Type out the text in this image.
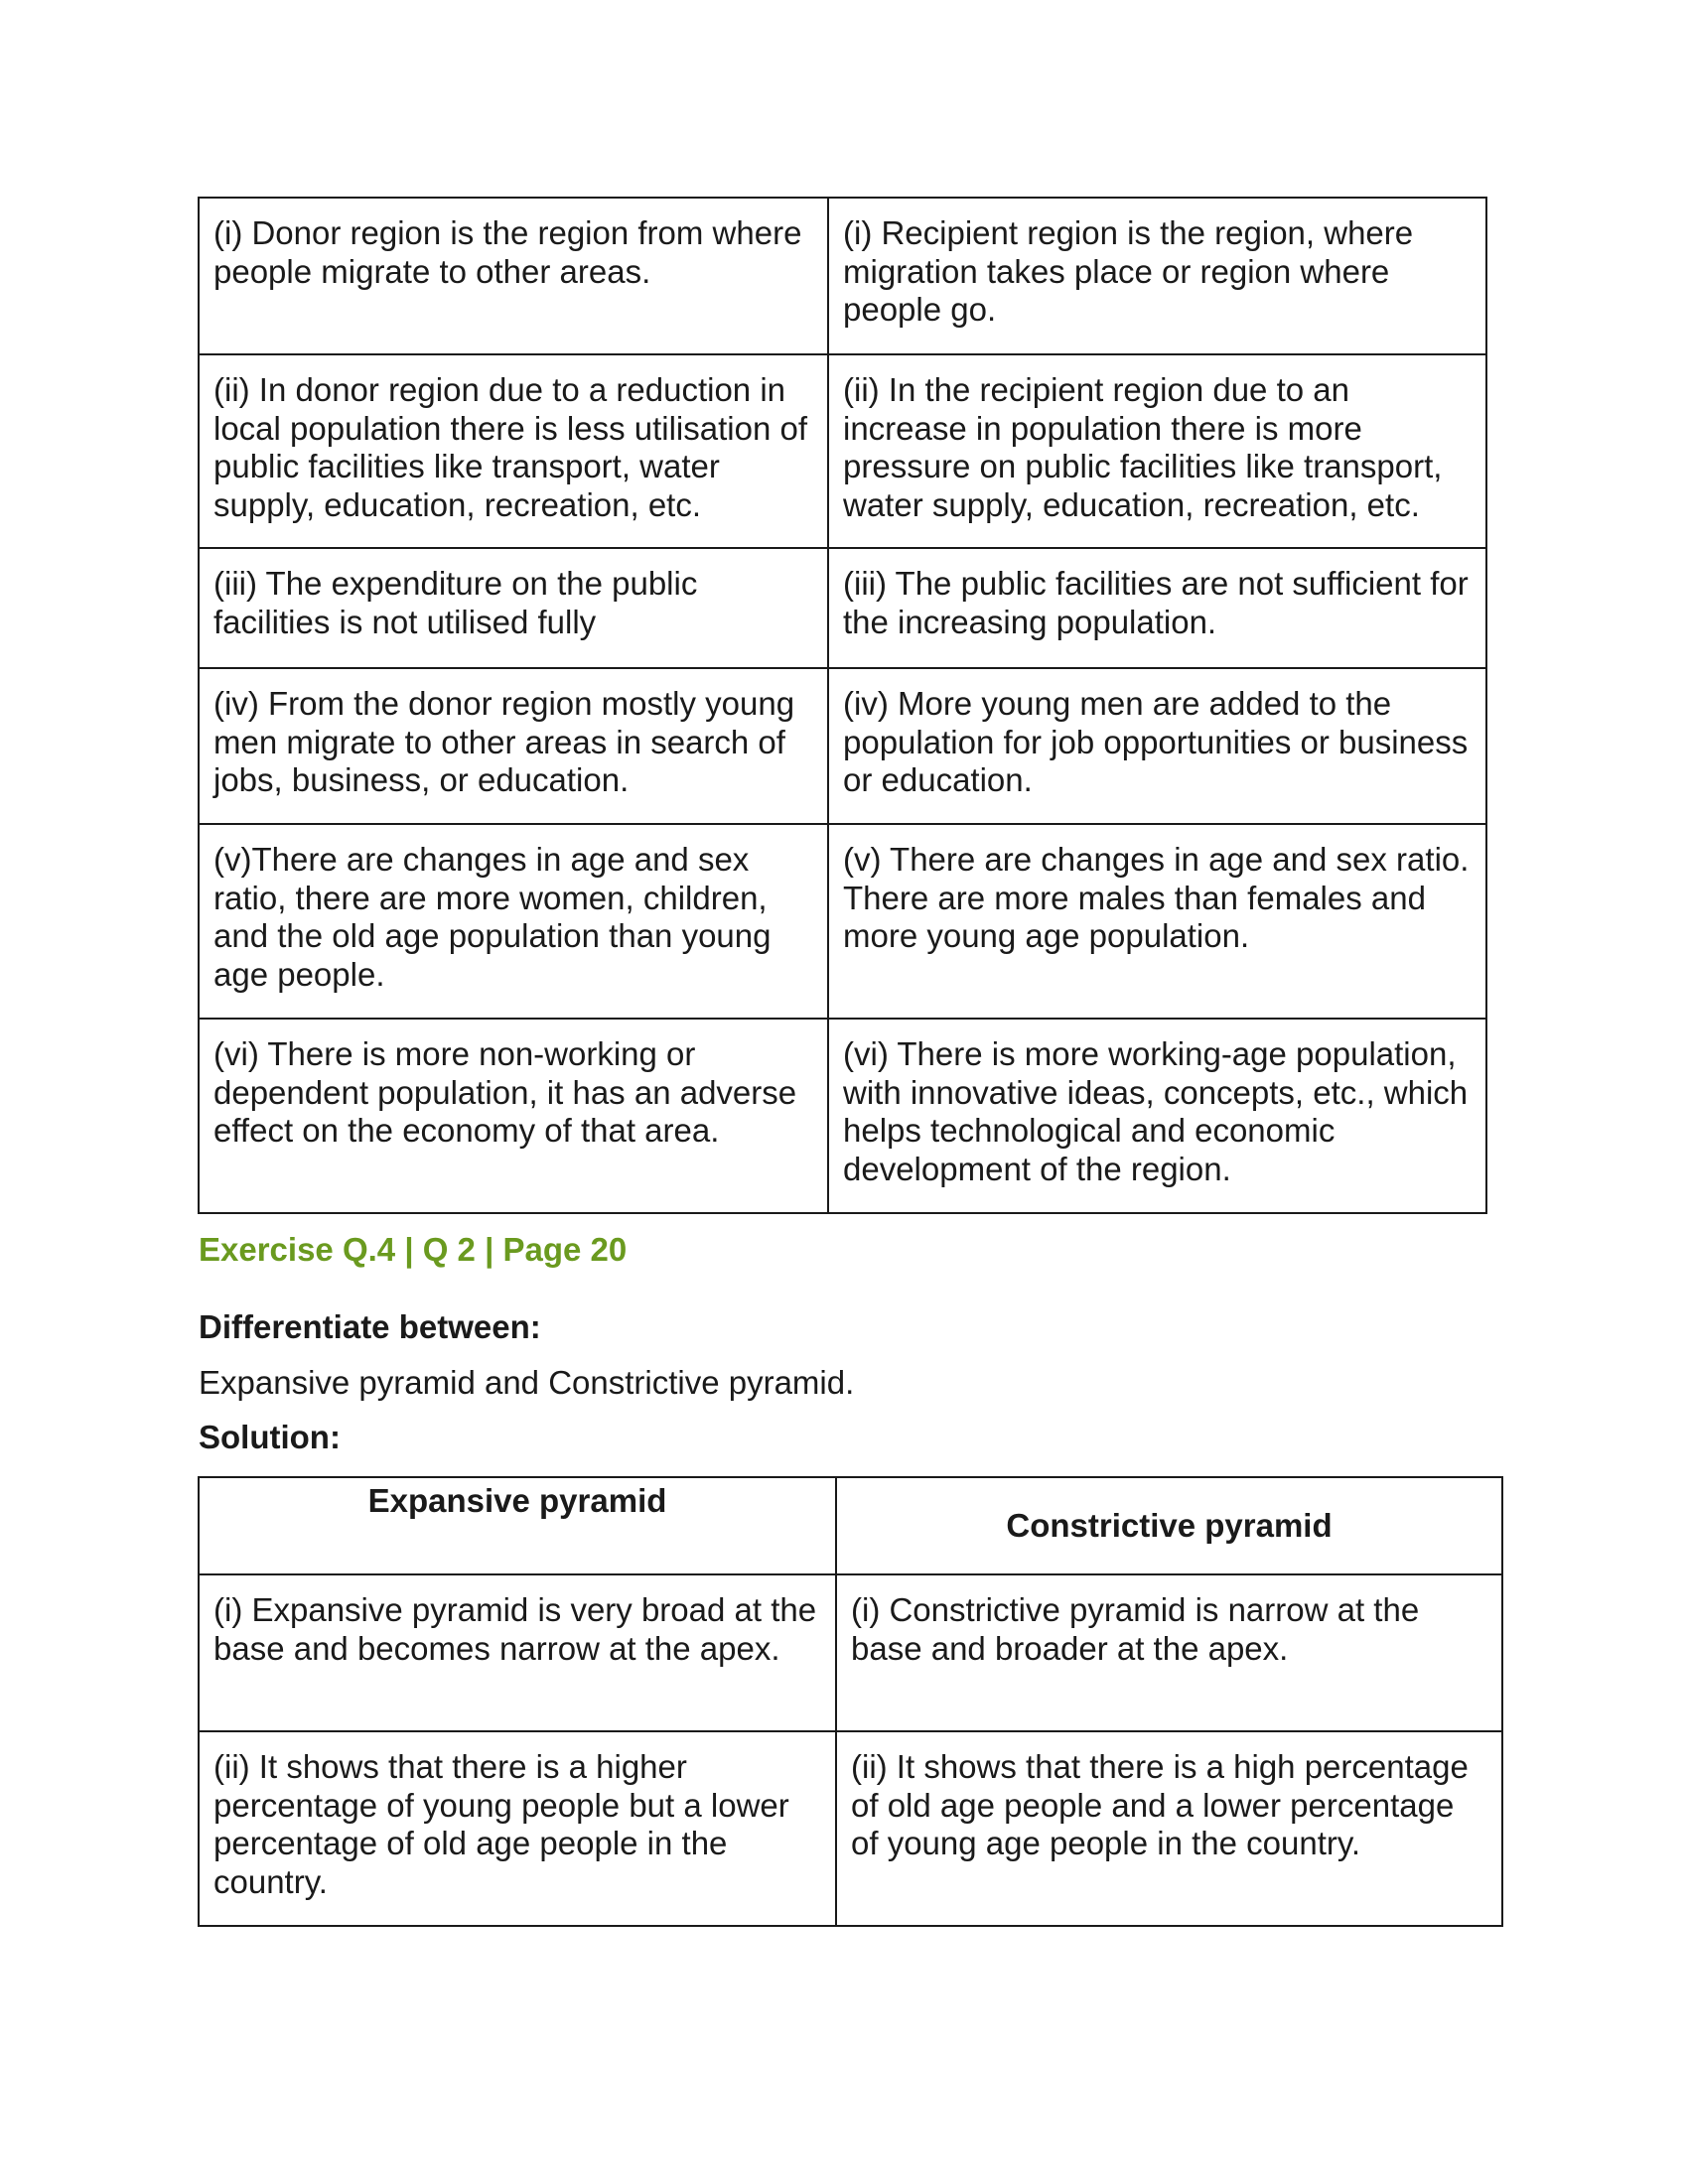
(i) Donor region is the region from where people migrate to other areas.	(i) Recipient region is the region, where migration takes place or region where people go.
(ii) In donor region due to a reduction in local population there is less utilisation of public facilities like transport, water supply, education, recreation, etc.	(ii) In the recipient region due to an increase in population there is more pressure on public facilities like transport, water supply, education, recreation, etc.
(iii) The expenditure on the public facilities is not utilised fully	(iii) The public facilities are not sufficient for the increasing population.
(iv) From the donor region mostly young men migrate to other areas in search of jobs, business, or education.	(iv) More young men are added to the population for job opportunities or business or education.
(v)There are changes in age and sex ratio, there are more women, children, and the old age population than young age people.	(v) There are changes in age and sex ratio. There are more males than females and more young age population.
(vi) There is more non-working or dependent population, it has an adverse effect on the economy of that area.	(vi) There is more working-age population, with innovative ideas, concepts, etc., which helps technological and economic development of the region.
Exercise Q.4 | Q 2 | Page 20
Differentiate between:
Expansive pyramid and Constrictive pyramid.
Solution:
Expansive pyramid	Constrictive pyramid
(i) Expansive pyramid is very broad at the base and becomes narrow at the apex.	(i) Constrictive pyramid is narrow at the base and broader at the apex.
(ii) It shows that there is a higher percentage of young people but a lower percentage of old age people in the country.	(ii) It shows that there is a high percentage of old age people and a lower percentage of young age people in the country.
